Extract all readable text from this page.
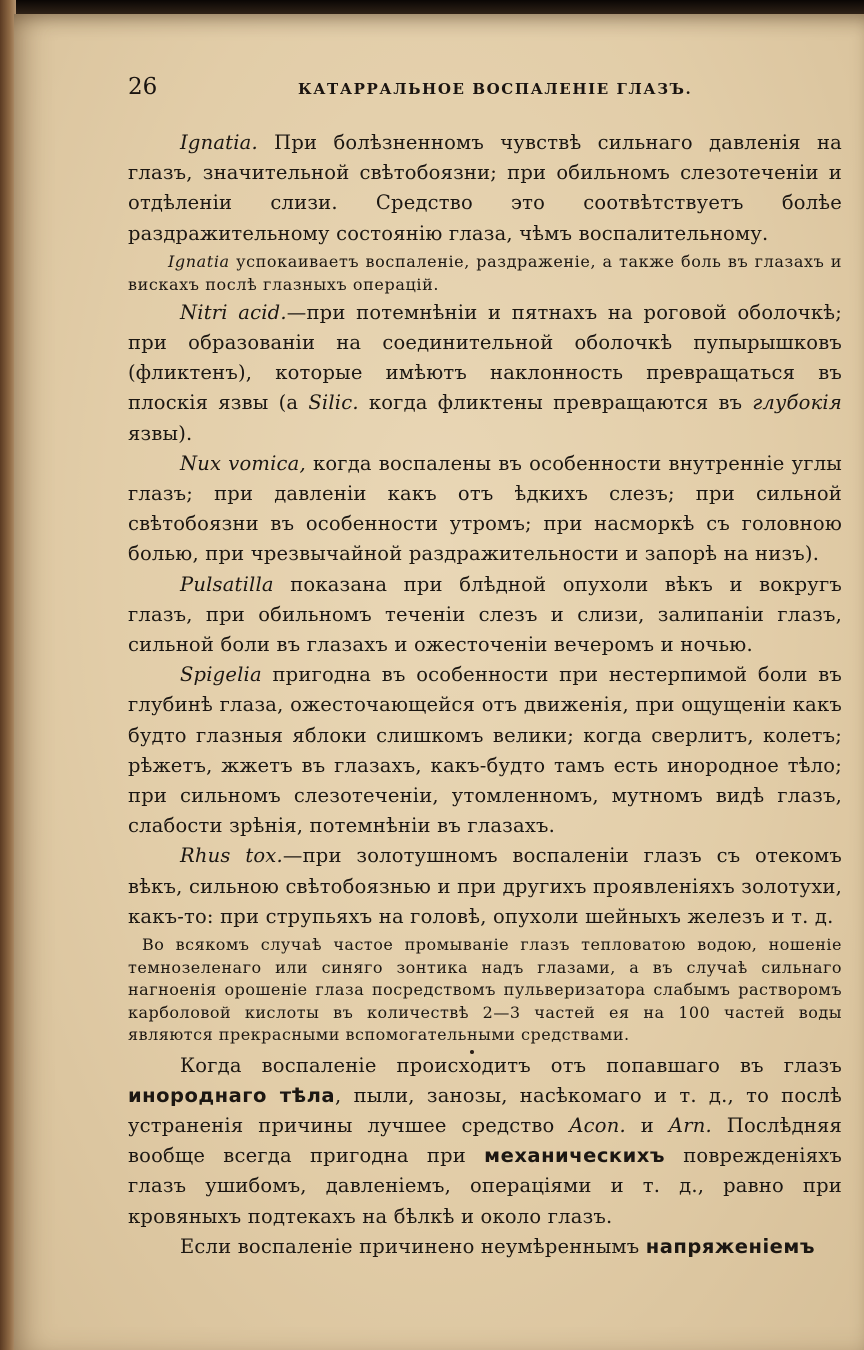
26	КАТАРРАЛЬНОЕ ВОСПАЛЕНІЕ ГЛАЗЪ.

Ignatia. При болѣзненномъ чувствѣ сильнаго давленія на глазъ, значительной свѣтобоязни; при обильномъ слезотеченіи и отдѣленіи слизи. Средство это соотвѣтствуетъ болѣе раздражительному состоянію глаза, чѣмъ воспалительному.

Ignatia успокаиваетъ воспаленіе, раздраженіе, а также боль въ глазахъ и вискахъ послѣ глазныхъ операцій.

Nitri acid.—при потемнѣніи и пятнахъ на роговой оболочкѣ; при образованіи на соединительной оболочкѣ пупырышковъ (фликтенъ), которые имѣютъ наклонность превращаться въ плоскія язвы (а Silic. когда фликтены превращаются въ глубокія язвы).

Nux vomica, когда воспалены въ особенности внутренніе углы глазъ; при давленіи какъ отъ ѣдкихъ слезъ; при сильной свѣтобоязни въ особенности утромъ; при насморкѣ съ головною болью, при чрезвычайной раздражительности и запорѣ на низъ).

Pulsatilla показана при блѣдной опухоли вѣкъ и вокругъ глазъ, при обильномъ теченіи слезъ и слизи, залипаніи глазъ, сильной боли въ глазахъ и ожесточеніи вечеромъ и ночью.

Spigelia пригодна въ особенности при нестерпимой боли въ глубинѣ глаза, ожесточающейся отъ движенія, при ощущеніи какъ будто глазныя яблоки слишкомъ велики; когда сверлитъ, колетъ; рѣжетъ, жжетъ въ глазахъ, какъ-будто тамъ есть инородное тѣло; при сильномъ слезотеченіи, утомленномъ, мутномъ видѣ глазъ, слабости зрѣнія, потемнѣніи въ глазахъ.

Rhus tox.—при золотушномъ воспаленіи глазъ съ отекомъ вѣкъ, сильною свѣтобоязнью и при другихъ проявленіяхъ золотухи, какъ-то: при струпьяхъ на головѣ, опухоли шейныхъ железъ и т. д.

Во всякомъ случаѣ частое промываніе глазъ тепловатою водою, ношеніе темнозеленаго или синяго зонтика надъ глазами, а въ случаѣ сильнаго нагноенія орошеніе глаза посредствомъ пульверизатора слабымъ растворомъ карболовой кислоты въ количествѣ 2—3 частей ея на 100 частей воды являются прекрасными вспомогательными средствами.

Когда воспаленіе происходитъ отъ попавшаго въ глазъ инороднаго тѣла, пыли, занозы, насѣкомаго и т. д., то послѣ устраненія причины лучшее средство Acon. и Arn. Послѣдняя вообще всегда пригодна при механическихъ поврежденіяхъ глазъ ушибомъ, давленіемъ, операціями и т. д., равно при кровяныхъ подтекахъ на бѣлкѣ и около глазъ.

Если воспаленіе причинено неумѣреннымъ напряженіемъ
